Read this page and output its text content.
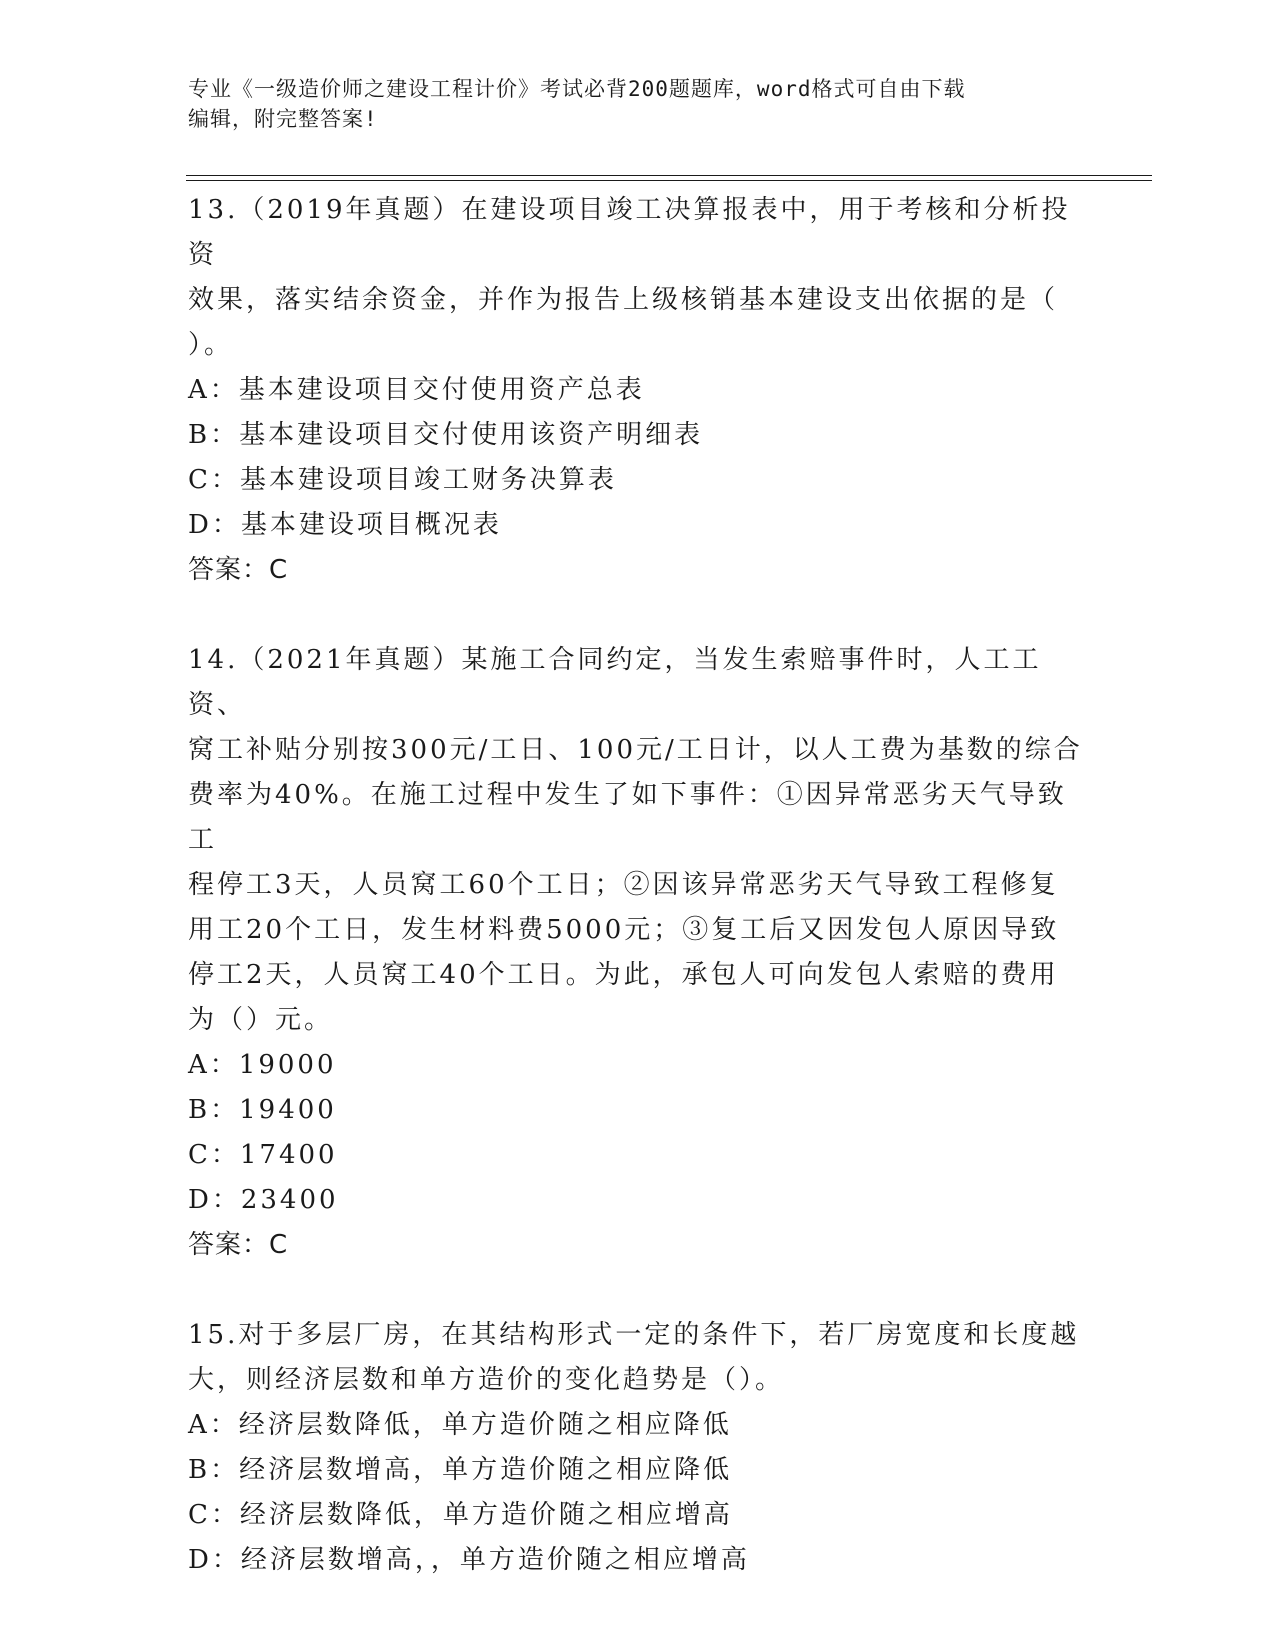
专业《一级造价师之建设工程计价》考试必背200题题库，word格式可自由下载
编辑，附完整答案!
13.（2019年真题）在建设项目竣工决算报表中，用于考核和分析投资
效果，落实结余资金，并作为报告上级核销基本建设支出依据的是（
）。
A：基本建设项目交付使用资产总表
B：基本建设项目交付使用该资产明细表
C：基本建设项目竣工财务决算表
D：基本建设项目概况表
答案：C
14.（2021年真题）某施工合同约定，当发生索赔事件时，人工工资、
窝工补贴分别按300元/工日、100元/工日计，以人工费为基数的综合
费率为40%。在施工过程中发生了如下事件：①因异常恶劣天气导致工
程停工3天，人员窝工60个工日；②因该异常恶劣天气导致工程修复
用工20个工日，发生材料费5000元；③复工后又因发包人原因导致
停工2天，人员窝工40个工日。为此，承包人可向发包人索赔的费用
为（）元。
A：19000
B：19400
C：17400
D：23400
答案：C
15.对于多层厂房，在其结构形式一定的条件下，若厂房宽度和长度越
大，则经济层数和单方造价的变化趋势是（）。
A：经济层数降低，单方造价随之相应降低
B：经济层数增高，单方造价随之相应降低
C：经济层数降低，单方造价随之相应增高
D：经济层数增高，，单方造价随之相应增高
